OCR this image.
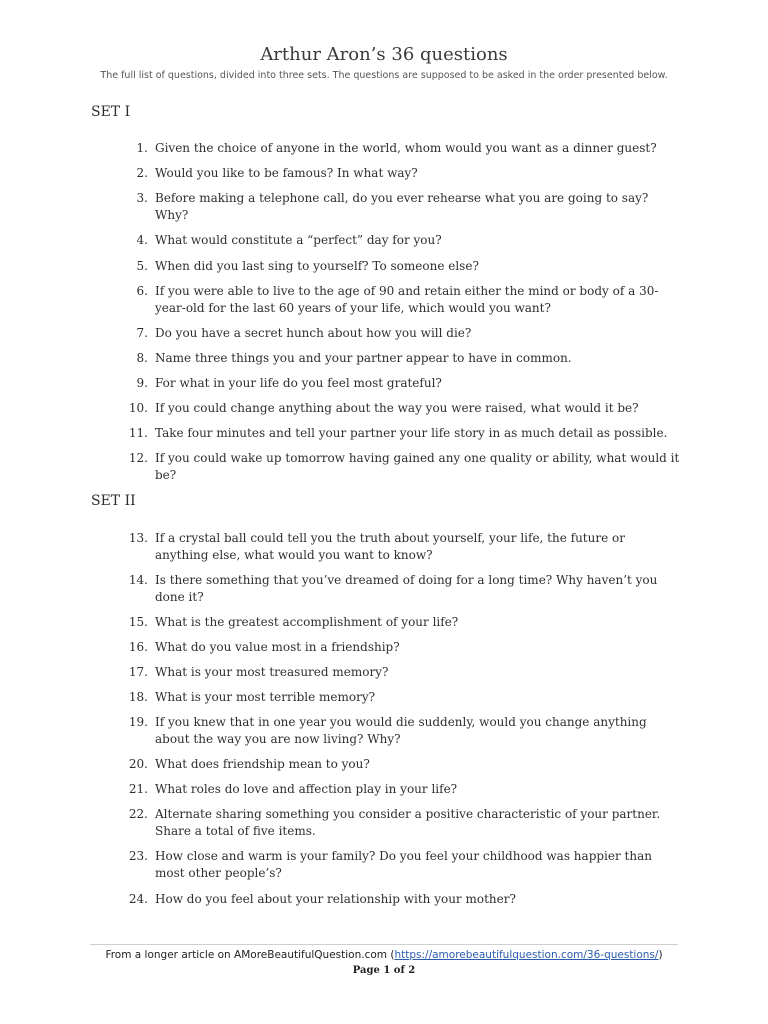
Arthur Aron’s 36 questions
The full list of questions, divided into three sets. The questions are supposed to be asked in the order presented below.
SET I
1. Given the choice of anyone in the world, whom would you want as a dinner guest?
2. Would you like to be famous? In what way?
3. Before making a telephone call, do you ever rehearse what you are going to say? Why?
4. What would constitute a “perfect” day for you?
5. When did you last sing to yourself? To someone else?
6. If you were able to live to the age of 90 and retain either the mind or body of a 30-year-old for the last 60 years of your life, which would you want?
7. Do you have a secret hunch about how you will die?
8. Name three things you and your partner appear to have in common.
9. For what in your life do you feel most grateful?
10. If you could change anything about the way you were raised, what would it be?
11. Take four minutes and tell your partner your life story in as much detail as possible.
12. If you could wake up tomorrow having gained any one quality or ability, what would it be?
SET II
13. If a crystal ball could tell you the truth about yourself, your life, the future or anything else, what would you want to know?
14. Is there something that you’ve dreamed of doing for a long time? Why haven’t you done it?
15. What is the greatest accomplishment of your life?
16. What do you value most in a friendship?
17. What is your most treasured memory?
18. What is your most terrible memory?
19. If you knew that in one year you would die suddenly, would you change anything about the way you are now living? Why?
20. What does friendship mean to you?
21. What roles do love and affection play in your life?
22. Alternate sharing something you consider a positive characteristic of your partner. Share a total of five items.
23. How close and warm is your family? Do you feel your childhood was happier than most other people’s?
24. How do you feel about your relationship with your mother?
From a longer article on AMoreBeautifulQuestion.com (https://amorebeautifulquestion.com/36-questions/)
Page 1 of 2
